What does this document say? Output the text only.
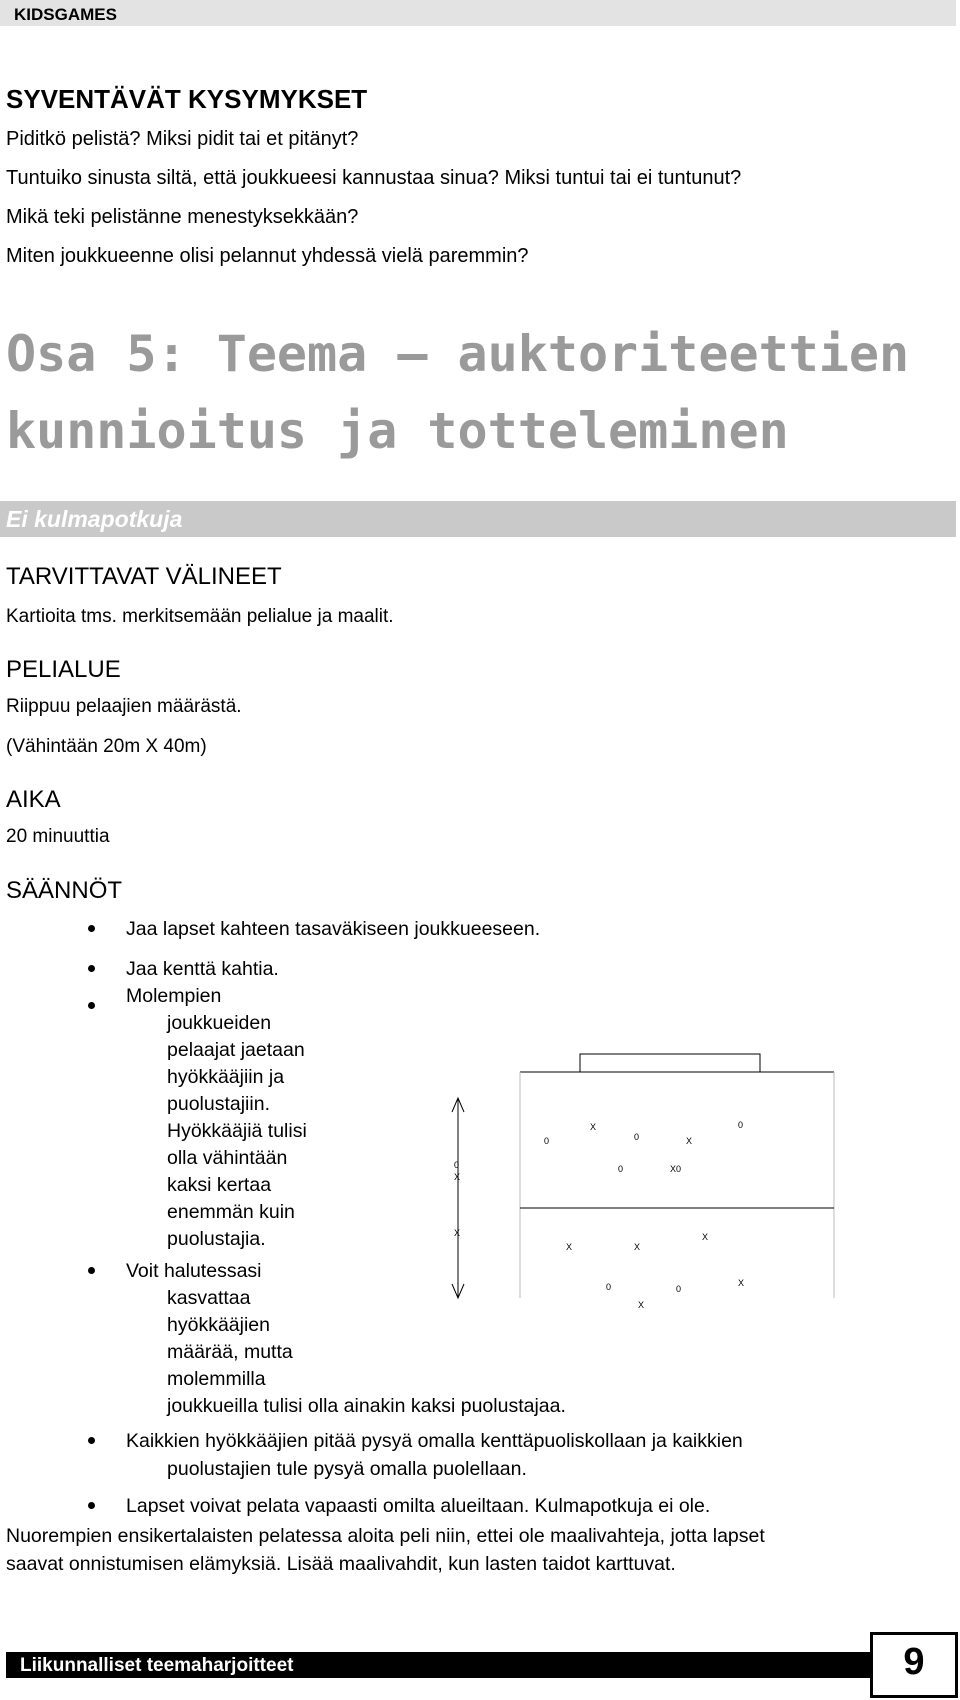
KIDSGAMES
SYVENTÄVÄT KYSYMYKSET
Piditkö pelistä? Miksi pidit tai et pitänyt?
Tuntuiko sinusta siltä, että joukkueesi kannustaa sinua? Miksi tuntui tai ei tuntunut?
Mikä teki pelistänne menestyksekkään?
Miten joukkueenne olisi pelannut yhdessä vielä paremmin?
Osa 5: Teema – auktoriteettien
kunnioitus ja totteleminen
Ei kulmapotkuja
TARVITTAVAT VÄLINEET
Kartioita tms. merkitsemään pelialue ja maalit.
PELIALUE
Riippuu pelaajien määrästä.
(Vähintään 20m X 40m)
AIKA
20 minuuttia
SÄÄNNÖT
Jaa lapset kahteen tasaväkiseen joukkueeseen.
Jaa kenttä kahtia.
Molempien
joukkueiden
pelaajat jaetaan
hyökkääjiin ja
puolustajiin.
Hyökkääjiä tulisi
olla vähintään
kaksi kertaa
enemmän kuin
puolustajia.
Voit halutessasi
kasvattaa
hyökkääjien
määrää, mutta
molemmilla
joukkueilla tulisi olla ainakin kaksi puolustajaa.
Kaikkien hyökkääjien pitää pysyä omalla kenttäpuoliskollaan ja kaikkien
puolustajien tule pysyä omalla puolellaan.
Lapset voivat pelata vapaasti omilta alueiltaan. Kulmapotkuja ei ole.
Nuorempien ensikertalaisten pelatessa aloita peli niin, ettei ole maalivahteja, jotta lapset
saavat onnistumisen elämyksiä. Lisää maalivahdit, kun lasten taidot karttuvat.
X
X
X
0	0
0
0	0	X0
X
X	X
X
X
X
0	0
Liikunnalliset teemaharjoitteet	9
